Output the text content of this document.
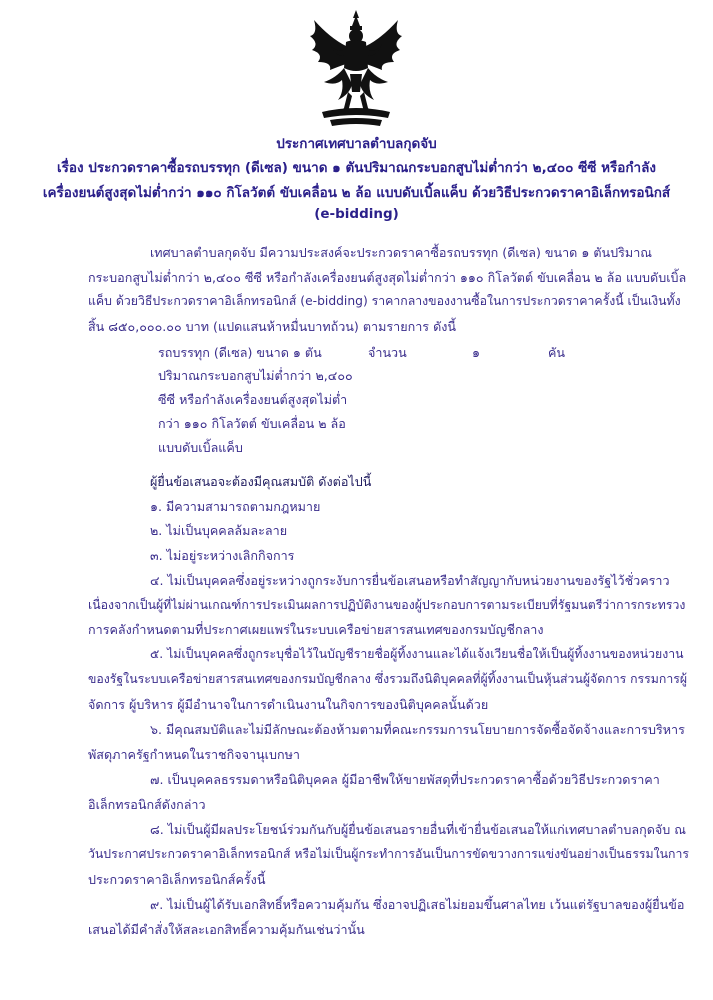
ประกาศเทศบาลตำบลกุดจับ
เรื่อง ประกวดราคาซื้อรถบรรทุก (ดีเซล) ขนาด ๑ ตันปริมาณกระบอกสูบไม่ต่ำกว่า ๒,๔๐๐ ซีซี หรือกำลัง
เครื่องยนต์สูงสุดไม่ต่ำกว่า ๑๑๐ กิโลวัตต์ ขับเคลื่อน ๒ ล้อ แบบดับเบิ้ลแค็บ ด้วยวิธีประกวดราคาอิเล็กทรอนิกส์
(e-bidding)
เทศบาลตำบลกุดจับ มีความประสงค์จะประกวดราคาซื้อรถบรรทุก (ดีเซล) ขนาด ๑ ตันปริมาณ
กระบอกสูบไม่ต่ำกว่า ๒,๔๐๐ ซีซี หรือกำลังเครื่องยนต์สูงสุดไม่ต่ำกว่า ๑๑๐ กิโลวัตต์ ขับเคลื่อน ๒ ล้อ แบบดับเบิ้ล
แค็บ ด้วยวิธีประกวดราคาอิเล็กทรอนิกส์ (e-bidding) ราคากลางของงานซื้อในการประกวดราคาครั้งนี้ เป็นเงินทั้ง
สิ้น ๘๕๐,๐๐๐.๐๐ บาท (แปดแสนห้าหมื่นบาทถ้วน) ตามรายการ ดังนี้
รถบรรทุก (ดีเซล) ขนาด ๑ ตัน	จำนวน	๑	คัน
ปริมาณกระบอกสูบไม่ต่ำกว่า ๒,๔๐๐
ซีซี หรือกำลังเครื่องยนต์สูงสุดไม่ต่ำ
กว่า ๑๑๐ กิโลวัตต์ ขับเคลื่อน ๒ ล้อ
แบบดับเบิ้ลแค็บ
ผู้ยื่นข้อเสนอจะต้องมีคุณสมบัติ ดังต่อไปนี้
๑. มีความสามารถตามกฎหมาย
๒. ไม่เป็นบุคคลล้มละลาย
๓. ไม่อยู่ระหว่างเลิกกิจการ
๔. ไม่เป็นบุคคลซึ่งอยู่ระหว่างถูกระงับการยื่นข้อเสนอหรือทำสัญญากับหน่วยงานของรัฐไว้ชั่วคราว
เนื่องจากเป็นผู้ที่ไม่ผ่านเกณฑ์การประเมินผลการปฏิบัติงานของผู้ประกอบการตามระเบียบที่รัฐมนตรีว่าการกระทรวง
การคลังกำหนดตามที่ประกาศเผยแพร่ในระบบเครือข่ายสารสนเทศของกรมบัญชีกลาง
๕. ไม่เป็นบุคคลซึ่งถูกระบุชื่อไว้ในบัญชีรายชื่อผู้ทิ้งงานและได้แจ้งเวียนชื่อให้เป็นผู้ทิ้งงานของหน่วยงาน
ของรัฐในระบบเครือข่ายสารสนเทศของกรมบัญชีกลาง ซึ่งรวมถึงนิติบุคคลที่ผู้ทิ้งงานเป็นหุ้นส่วนผู้จัดการ กรรมการผู้
จัดการ ผู้บริหาร ผู้มีอำนาจในการดำเนินงานในกิจการของนิติบุคคลนั้นด้วย
๖. มีคุณสมบัติและไม่มีลักษณะต้องห้ามตามที่คณะกรรมการนโยบายการจัดซื้อจัดจ้างและการบริหาร
พัสดุภาครัฐกำหนดในราชกิจจานุเบกษา
๗. เป็นบุคคลธรรมดาหรือนิติบุคคล ผู้มีอาชีพให้ขายพัสดุที่ประกวดราคาซื้อด้วยวิธีประกวดราคา
อิเล็กทรอนิกส์ดังกล่าว
๘. ไม่เป็นผู้มีผลประโยชน์ร่วมกันกับผู้ยื่นข้อเสนอรายอื่นที่เข้ายื่นข้อเสนอให้แก่เทศบาลตำบลกุดจับ ณ
วันประกาศประกวดราคาอิเล็กทรอนิกส์ หรือไม่เป็นผู้กระทำการอันเป็นการขัดขวางการแข่งขันอย่างเป็นธรรมในการ
ประกวดราคาอิเล็กทรอนิกส์ครั้งนี้
๙. ไม่เป็นผู้ได้รับเอกสิทธิ์หรือความคุ้มกัน ซึ่งอาจปฏิเสธไม่ยอมขึ้นศาลไทย เว้นแต่รัฐบาลของผู้ยื่นข้อ
เสนอได้มีคำสั่งให้สละเอกสิทธิ์ความคุ้มกันเช่นว่านั้น
